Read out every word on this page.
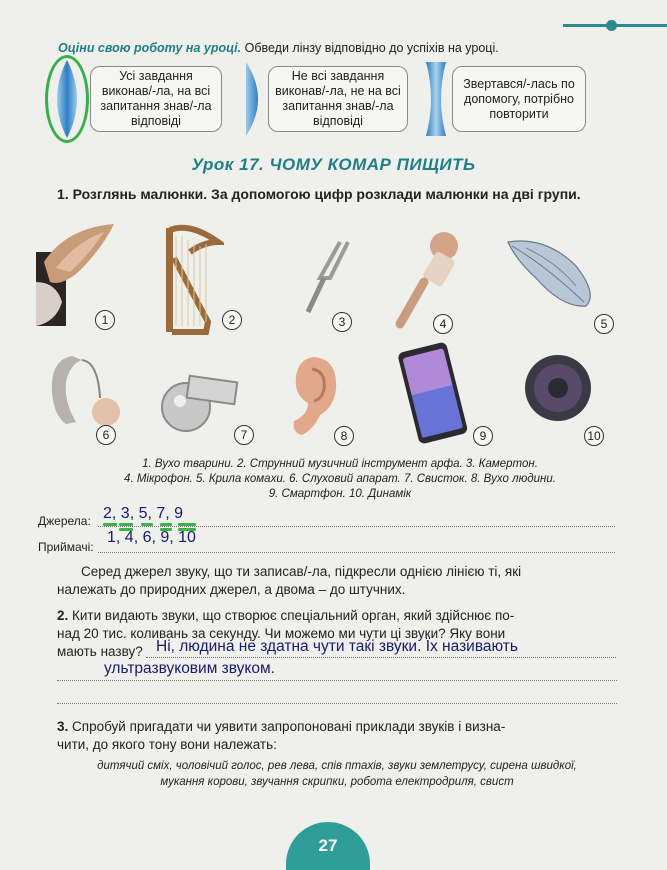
Оціни свою роботу на уроці. Обведи лінзу відповідно до успіхів на уроці.
Усі завдання виконав/-ла, на всі запитання знав/-ла відповіді
Не всі завдання виконав/-ла, не на всі запитання знав/-ла відповіді
Звертався/-лась по допомогу, потрібно повторити
Урок 17. ЧОМУ КОМАР ПИЩИТЬ
1. Розглянь малюнки. За допомогою цифр розклади малюнки на дві групи.
1	2	3	4	5
6	7	8	9	10
1. Вухо тварини. 2. Струнний музичний інструмент арфа. 3. Камертон.
4. Мікрофон. 5. Крила комахи. 6. Слуховий апарат. 7. Свисток. 8. Вухо людини.
9. Смартфон. 10. Динамік
Джерела: 2, 3, 5, 7, 9
Приймачі:
1, 4, 6, 9, 10
Серед джерел звуку, що ти записав/-ла, підкресли однією лінією ті, які
належать до природних джерел, а двома – до штучних.
2. Кити видають звуки, що створює спеціальний орган, який здійснює по-
над 20 тис. коливань за секунду. Чи можемо ми чути ці звуки? Яку вони
мають назву? Ні, людина не здатна чути такі звуки. Їх називають
ультразвуковим звуком.
3. Спробуй пригадати чи уявити запропоновані приклади звуків і визна-
чити, до якого тону вони належать:
дитячий сміх, чоловічий голос, рев лева, спів птахів, звуки землетрусу, сирена швидкої,
мукання корови, звучання скрипки, робота електродриля, свист
27
